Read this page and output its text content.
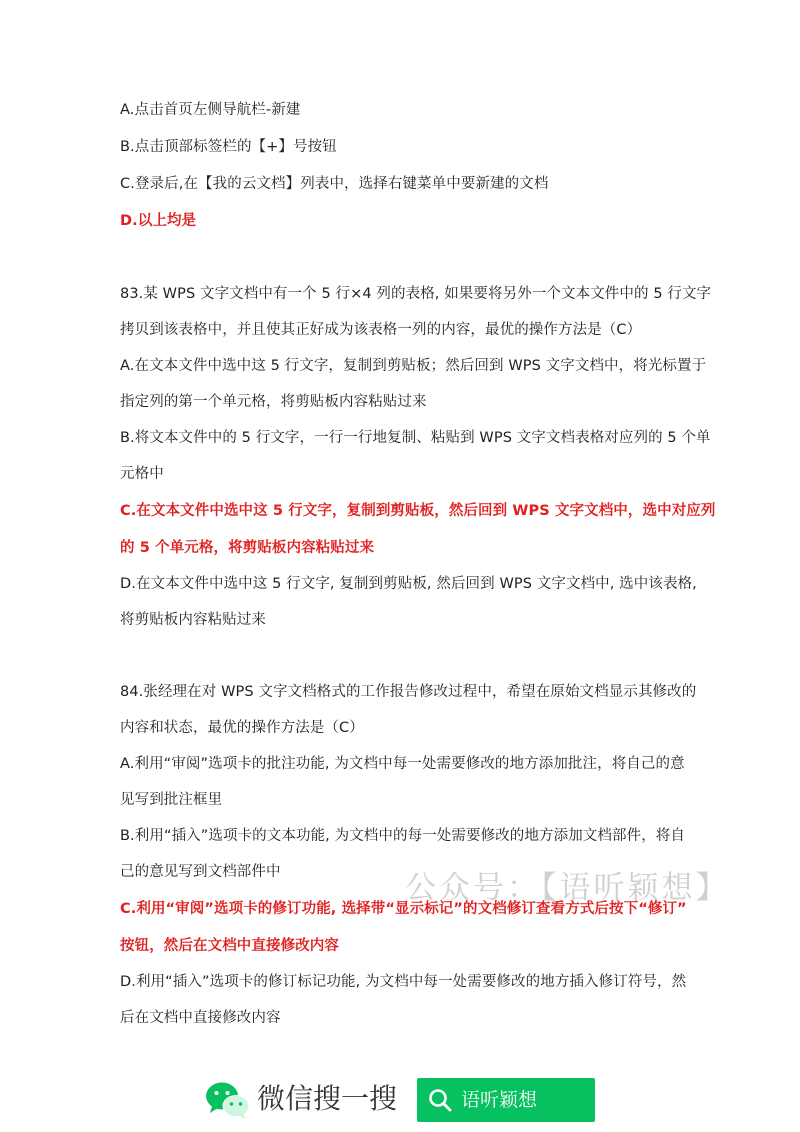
A.点击首页左侧导航栏-新建
B.点击顶部标签栏的【+】号按钮
C.登录后,在【我的云文档】列表中，选择右键菜单中要新建的文档
D.以上均是
83.某 WPS 文字文档中有一个 5 行×4 列的表格, 如果要将另外一个文本文件中的 5 行文字
拷贝到该表格中，并且使其正好成为该表格一列的内容，最优的操作方法是（C）
A.在文本文件中选中这 5 行文字，复制到剪贴板；然后回到 WPS 文字文档中，将光标置于
指定列的第一个单元格，将剪贴板内容粘贴过来
B.将文本文件中的 5 行文字，一行一行地复制、粘贴到 WPS 文字文档表格对应列的 5 个单
元格中
C.在文本文件中选中这 5 行文字，复制到剪贴板，然后回到 WPS 文字文档中，选中对应列
的 5 个单元格，将剪贴板内容粘贴过来
D.在文本文件中选中这 5 行文字, 复制到剪贴板, 然后回到 WPS 文字文档中, 选中该表格,
将剪贴板内容粘贴过来
84.张经理在对 WPS 文字文档格式的工作报告修改过程中，希望在原始文档显示其修改的
内容和状态，最优的操作方法是（C）
A.利用“审阅”选项卡的批注功能, 为文档中每一处需要修改的地方添加批注，将自己的意
见写到批注框里
B.利用“插入”选项卡的文本功能, 为文档中的每一处需要修改的地方添加文档部件，将自
己的意见写到文档部件中
C.利用“审阅”选项卡的修订功能, 选择带“显示标记”的文档修订查看方式后按下“修订”
按钮，然后在文档中直接修改内容
D.利用“插入”选项卡的修订标记功能, 为文档中每一处需要修改的地方插入修订符号，然
后在文档中直接修改内容
公众号：【语听颖想】
微信搜一搜	语听颖想
